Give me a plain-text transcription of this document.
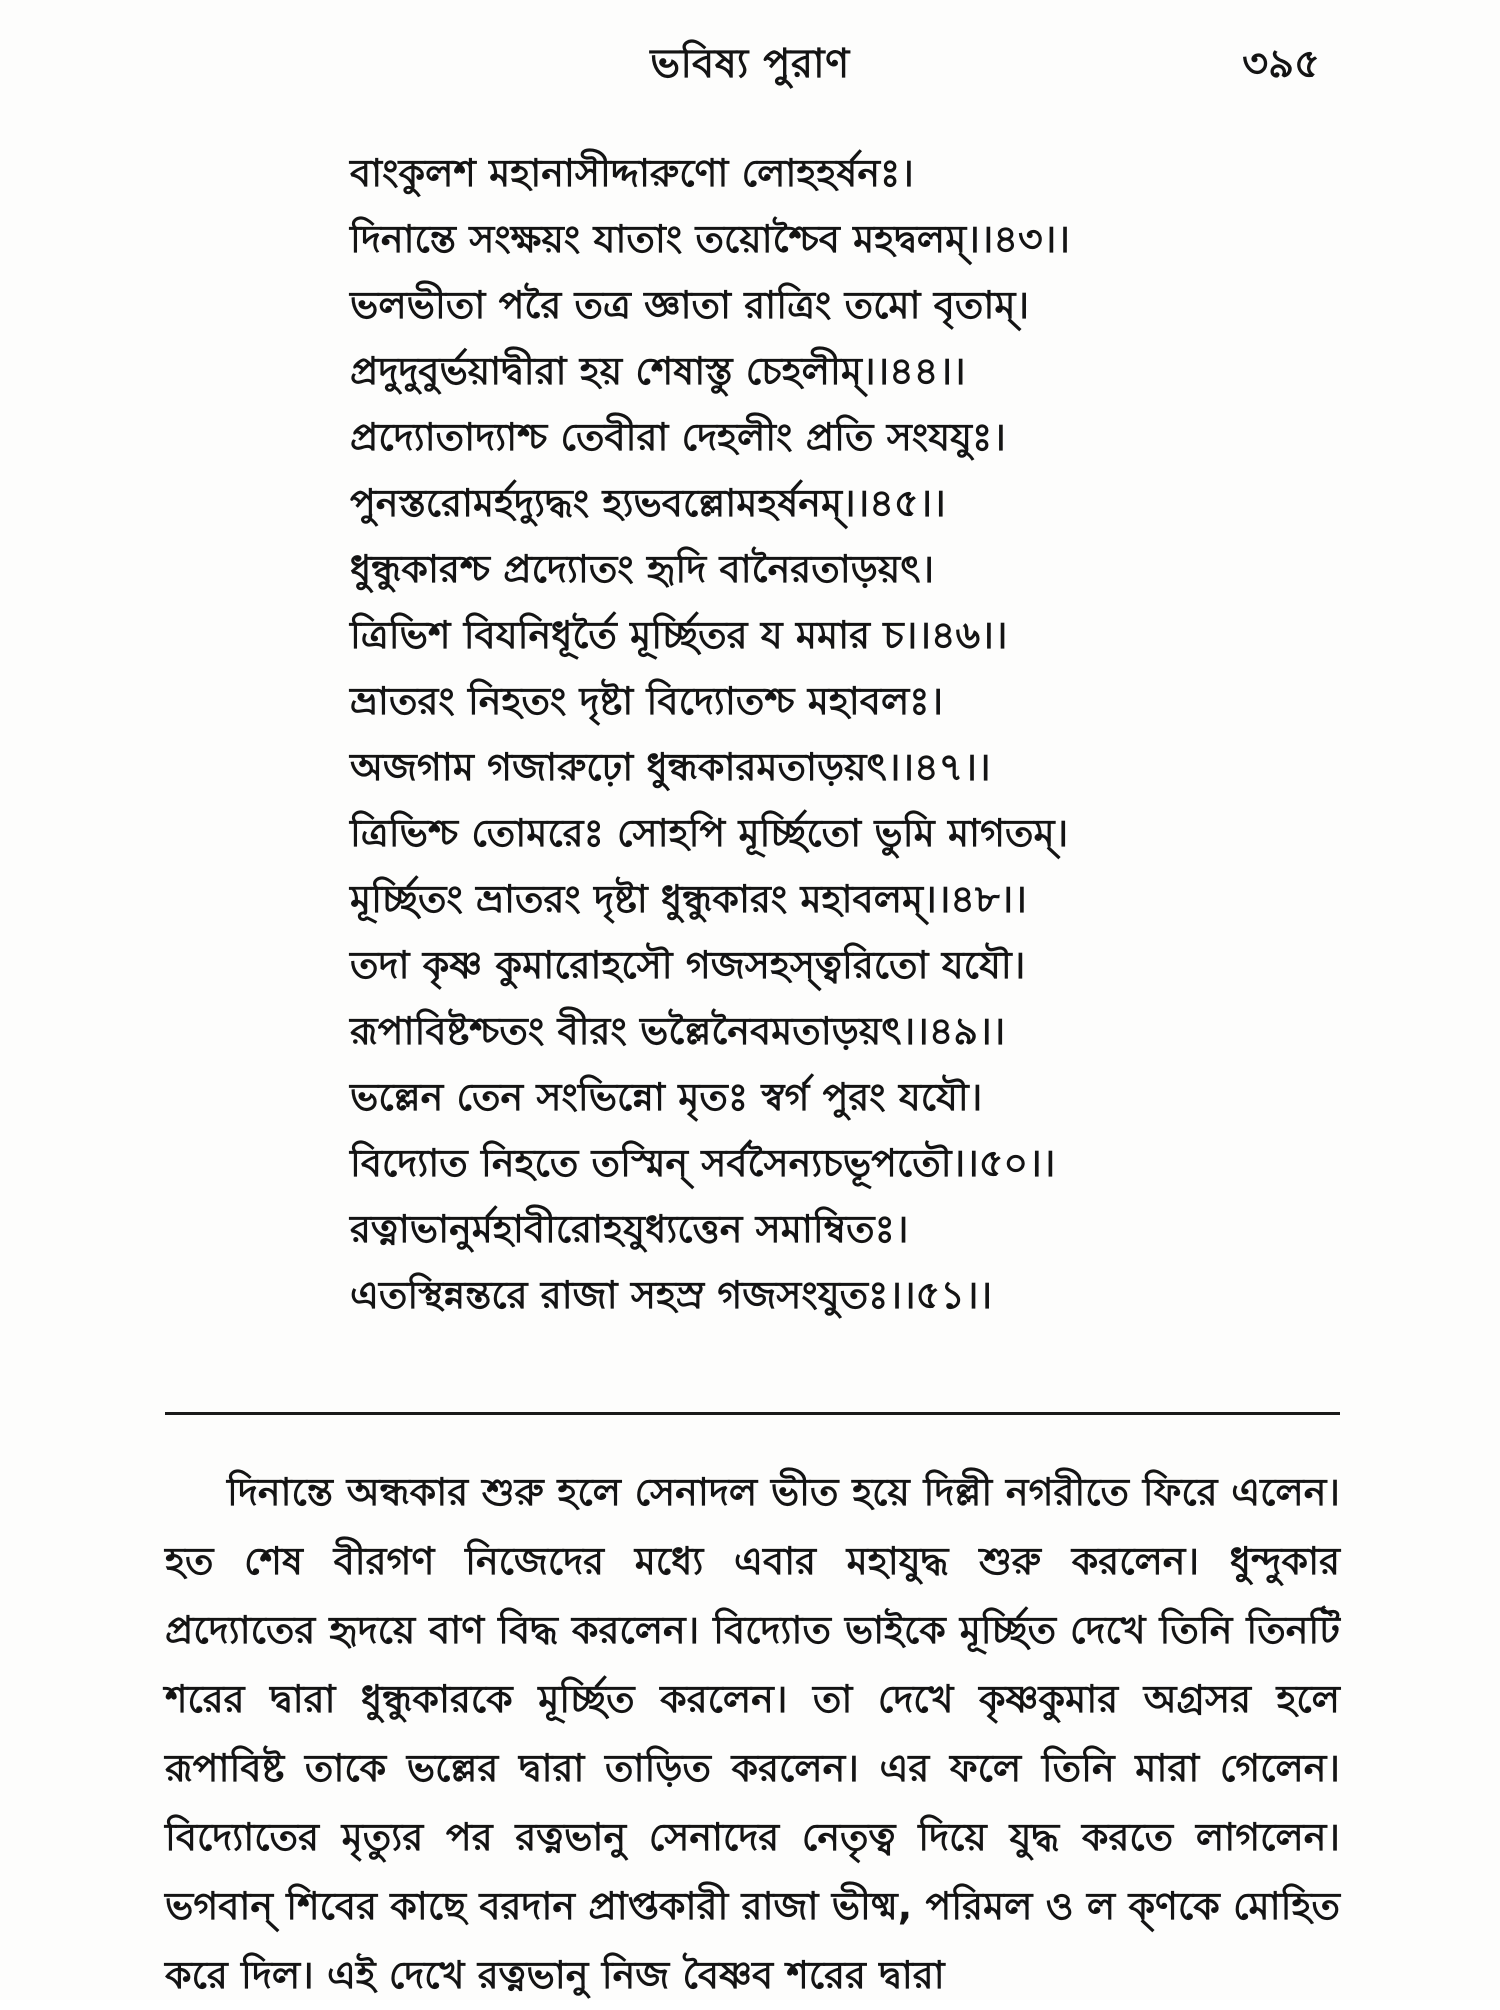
ভবিষ্য পুরাণ	৩৯৫
বাংকুলশ মহানাসীদ্দারুণো লোহহর্ষনঃ।
দিনান্তে সংক্ষয়ং যাতাং তয়োশ্চৈব মহদ্বলম্।।৪৩।।
ভলভীতা পরৈ তত্র জ্ঞাতা রাত্রিং তমো বৃতাম্।
প্রদুদুবুর্ভয়াদ্বীরা হয় শেষাস্তু চেহলীম্।।৪৪।।
প্রদ্যোতাদ্যাশ্চ তেবীরা দেহলীং প্রতি সংযযুঃ।
পুনস্তরোমর্হদ্যুদ্ধং হ্যভবল্লোমহর্ষনম্।।৪৫।।
ধুন্ধুকারশ্চ প্রদ্যোতং হৃদি বানৈরতাড়য়ৎ।
ত্রিভিশ বিযনিধূর্তৈ মূর্চ্ছিতর য মমার চ।।৪৬।।
ভ্রাতরং নিহতং দৃষ্টা বিদ্যোতশ্চ মহাবলঃ।
অজগাম গজারুঢ়ো ধুন্ধকারমতাড়য়ৎ।।৪৭।।
ত্রিভিশ্চ তোমরেঃ সোহপি মূর্চ্ছিতো ভুমি মাগতম্।
মূর্চ্ছিতং ভ্রাতরং দৃষ্টা ধুন্ধুকারং মহাবলম্।।৪৮।।
তদা কৃষ্ণ কুমারোহসৌ গজসহস্ত্বরিতো যযৌ।
রূপাবিষ্টশ্চতং বীরং ভল্লৈনৈবমতাড়য়ৎ।।৪৯।।
ভল্লেন তেন সংভিন্নো মৃতঃ স্বর্গ পুরং যযৌ।
বিদ্যোত নিহতে তস্মিন্ সর্বসৈন্যচভূপতৌ।।৫০।।
রত্নাভানুর্মহাবীরোহযুধ্যত্তেন সমাম্বিতঃ।
এতস্থিন্নন্তরে রাজা সহস্র গজসংযুতঃ।।৫১।।

দিনান্তে অন্ধকার শুরু হলে সেনাদল ভীত হয়ে দিল্লী নগরীতে ফিরে এলেন। হত শেষ বীরগণ নিজেদের মধ্যে এবার মহাযুদ্ধ শুরু করলেন। ধুন্দুকার প্রদ্যোতের হৃদয়ে বাণ বিদ্ধ করলেন। বিদ্যোত ভাইকে মূর্চ্ছিত দেখে তিনি তিনটি শরের দ্বারা ধুন্ধুকারকে মূর্চ্ছিত করলেন। তা দেখে কৃষ্ণকুমার অগ্রসর হলে রূপাবিষ্ট তাকে ভল্লের দ্বারা তাড়িত করলেন। এর ফলে তিনি মারা গেলেন। বিদ্যোতের মৃত্যুর পর রত্নভানু সেনাদের নেতৃত্ব দিয়ে যুদ্ধ করতে লাগলেন। ভগবান্ শিবের কাছে বরদান প্রাপ্তকারী রাজা ভীষ্ম, পরিমল ও ল ক্ণকে মোহিত করে দিল। এই দেখে রত্নভানু নিজ বৈষ্ণব শরের দ্বারা
